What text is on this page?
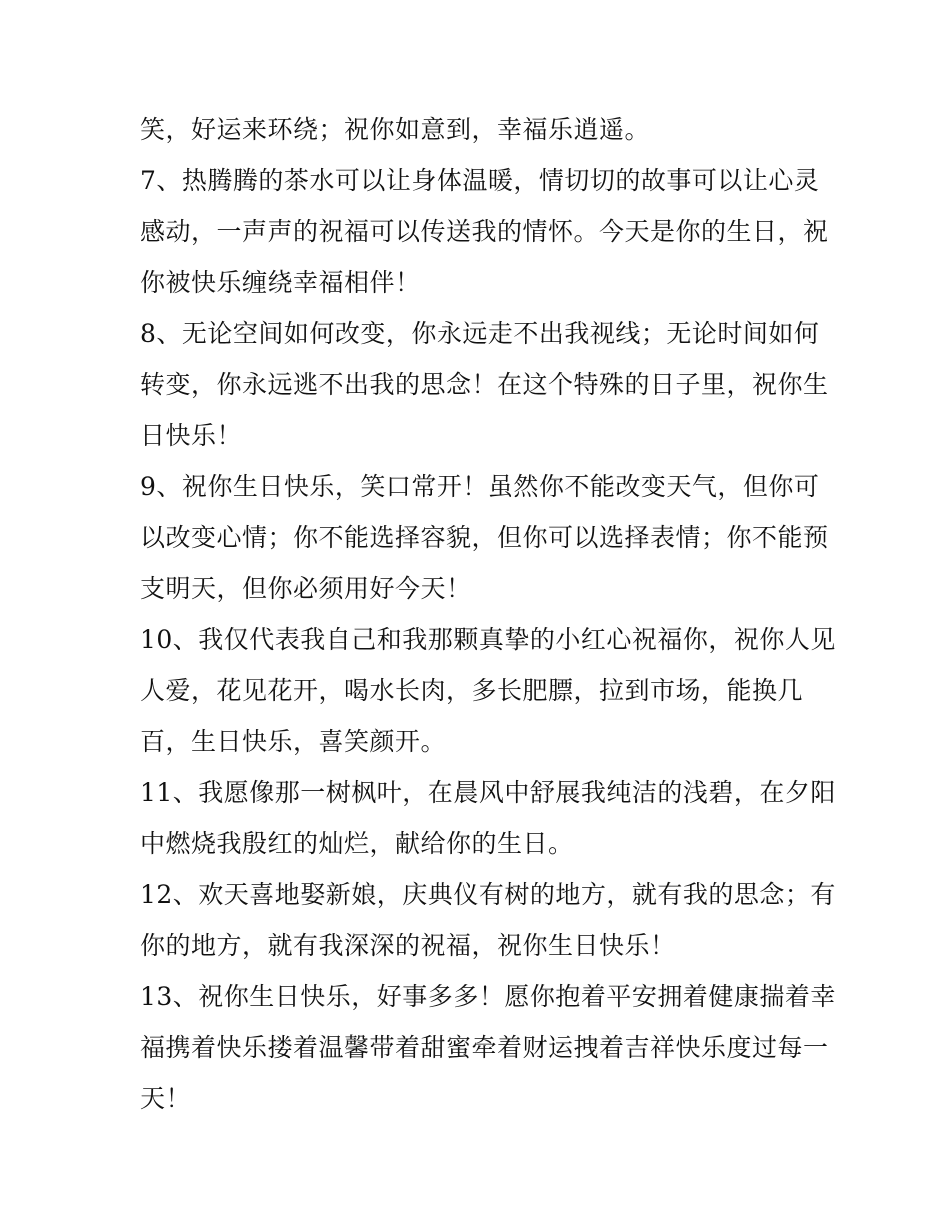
笑，好运来环绕；祝你如意到，幸福乐逍遥。
7、热腾腾的茶水可以让身体温暖，情切切的故事可以让心灵
感动，一声声的祝福可以传送我的情怀。今天是你的生日，祝
你被快乐缠绕幸福相伴！
8、无论空间如何改变，你永远走不出我视线；无论时间如何
转变，你永远逃不出我的思念！在这个特殊的日子里，祝你生
日快乐！
9、祝你生日快乐，笑口常开！虽然你不能改变天气，但你可
以改变心情；你不能选择容貌，但你可以选择表情；你不能预
支明天，但你必须用好今天！
10、我仅代表我自己和我那颗真挚的小红心祝福你，祝你人见
人爱，花见花开，喝水长肉，多长肥膘，拉到市场，能换几
百，生日快乐，喜笑颜开。
11、我愿像那一树枫叶，在晨风中舒展我纯洁的浅碧，在夕阳
中燃烧我殷红的灿烂，献给你的生日。
12、欢天喜地娶新娘，庆典仪有树的地方，就有我的思念；有
你的地方，就有我深深的祝福，祝你生日快乐！
13、祝你生日快乐，好事多多！愿你抱着平安拥着健康揣着幸
福携着快乐搂着温馨带着甜蜜牵着财运拽着吉祥快乐度过每一
天！
